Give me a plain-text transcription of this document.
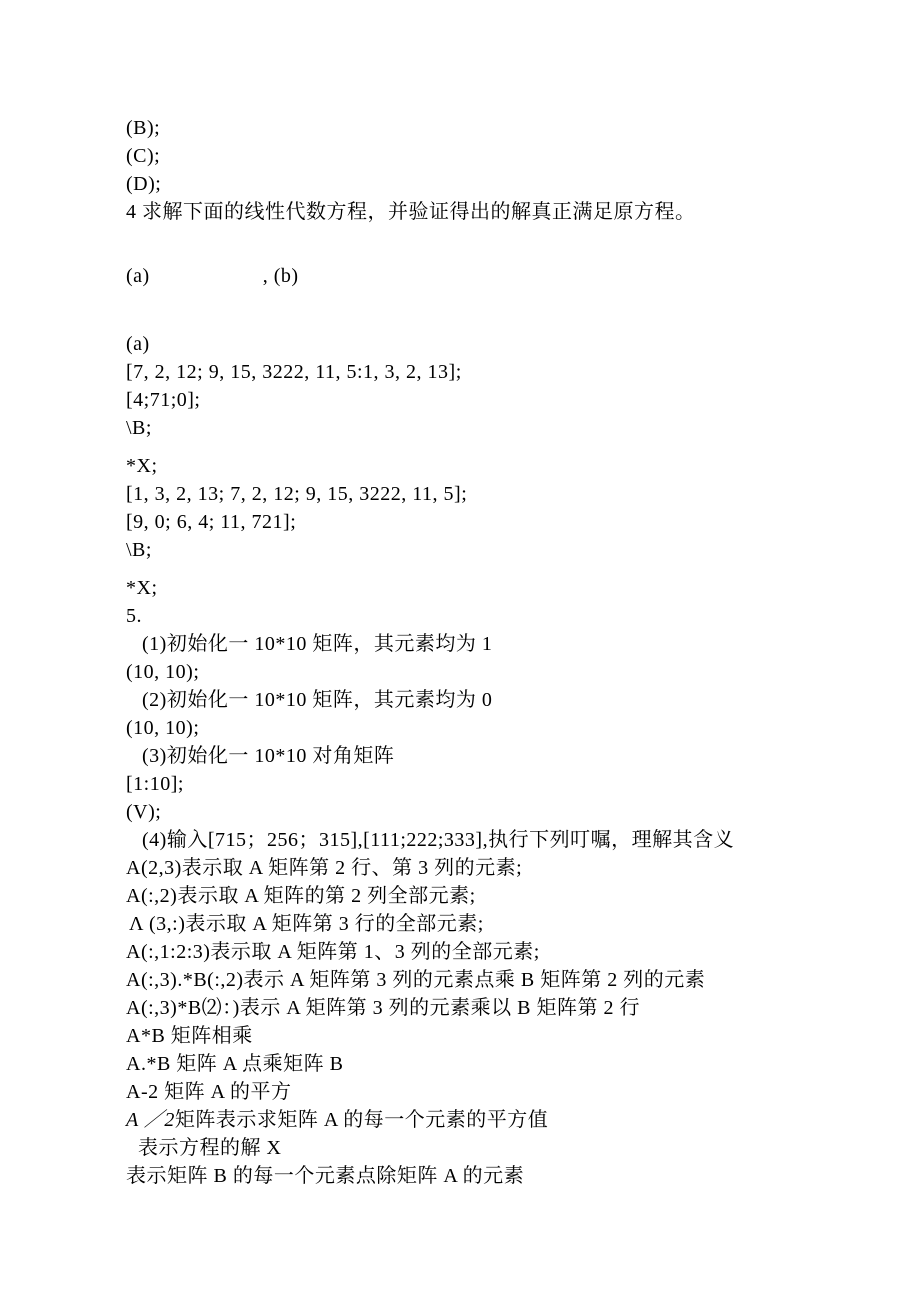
(B);
(C);
(D);
4 求解下面的线性代数方程，并验证得出的解真正满足原方程。
(a)	, (b)
(a)
[7, 2, 12; 9, 15, 3222, 11, 5:1, 3, 2, 13];
[4;71;0];
\B;
*X;
[1, 3, 2, 13; 7, 2, 12; 9, 15, 3222, 11, 5];
[9, 0; 6, 4; 11, 721];
\B;
*X;
5.
(1)初始化一 10*10 矩阵，其元素均为 1
(10, 10);
(2)初始化一 10*10 矩阵，其元素均为 0
(10, 10);
(3)初始化一 10*10 对角矩阵
[1:10];
(V);
(4)输入[715；256；315],[111;222;333],执行下列叮嘱，理解其含义
A(2,3)表示取 A 矩阵第 2 行、第 3 列的元素;
A(:,2)表示取 A 矩阵的第 2 列全部元素;
Λ (3,:)表示取 A 矩阵第 3 行的全部元素;
A(:,1:2:3)表示取 A 矩阵第 1、3 列的全部元素;
A(:,3).*B(:,2)表示 A 矩阵第 3 列的元素点乘 B 矩阵第 2 列的元素
A(:,3)*B⑵：)表示 A 矩阵第 3 列的元素乘以 B 矩阵第 2 行
A*B 矩阵相乘
A.*B 矩阵 A 点乘矩阵 B
A-2 矩阵 A 的平方
A ／2矩阵表示求矩阵 A 的每一个元素的平方值
表示方程的解 X
表示矩阵 B 的每一个元素点除矩阵 A 的元素
